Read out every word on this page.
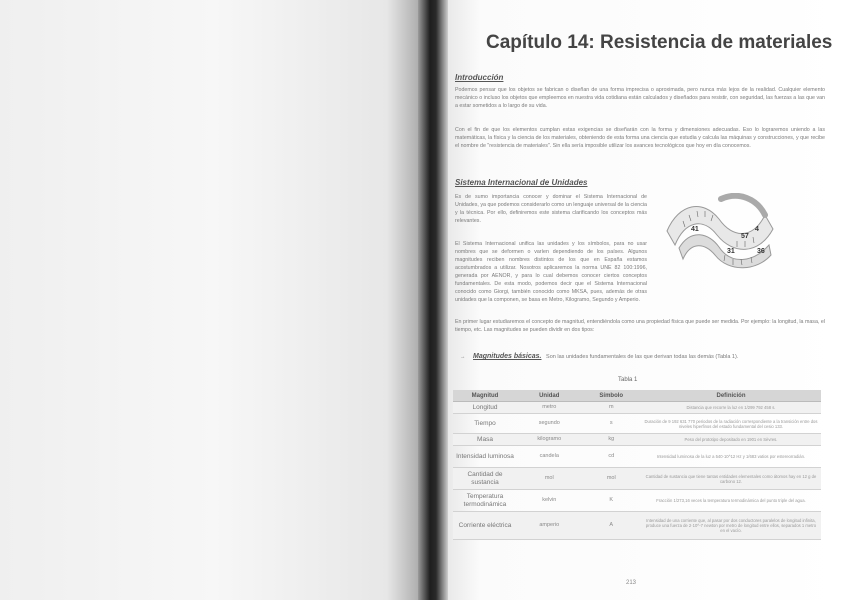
Capítulo 14: Resistencia de materiales
Introducción

Podemos pensar que los objetos se fabrican o diseñan de una forma imprecisa o aproximada, pero nunca más lejos de la realidad. Cualquier elemento mecánico o incluso los objetos que empleemos en nuestra vida cotidiana están calculados y diseñados para resistir, con seguridad, las fuerzas a las que van a estar sometidos a lo largo de su vida.

Con el fin de que los elementos cumplan estas exigencias se diseñarán con la forma y dimensiones adecuadas. Eso lo lograremos uniendo a las matemáticas, la física y la ciencia de los materiales, obteniendo de esta forma una ciencia que estudia y calcula las máquinas y construcciones, y que recibe el nombre de "resistencia de materiales". Sin ella sería imposible utilizar los avances tecnológicos que hoy en día conocemos.

Sistema Internacional de Unidades

Es de sumo importancia conocer y dominar el Sistema Internacional de Unidades, ya que podemos considerarlo como un lenguaje universal de la ciencia y la técnica. Por ello, definiremos este sistema clarificando los conceptos más relevantes.

El Sistema Internacional unifica las unidades y los símbolos, para no usar nombres que se deformen o varíen dependiendo de los países. Algunos magnitudes reciben nombres distintos de los que en España estamos acostumbrados a utilizar. Nosotros aplicaremos la norma UNE 82 100:1996, generada por AENOR, y para lo cual debemos conocer ciertos conceptos fundamentales. De esta modo, podemos decir que el Sistema Internacional conocido como Giorgi, también conocido como MKSA, pues, además de otras unidades que la componen, se basa en Metro, Kilogramo, Segundo y Amperio.

En primer lugar estudiaremos el concepto de magnitud, entendiéndola como una propiedad física que puede ser medida. Por ejemplo: la longitud, la masa, el tiempo, etc. Las magnitudes se pueden dividir en dos tipos:

41
57
31
4
36
→ Magnitudes básicas. Son las unidades fundamentales de las que derivan todas las demás (Tabla 1).
Tabla 1
Magnitud	Unidad	Símbolo	Definición
Longitud	metro	m	Distancia que recorre la luz en 1/299 792 458 s.
Tiempo	segundo	s	Duración de 9 192 631 770 periodos de la radiación correspondiente a la transición entre dos niveles hiperfinos del estado fundamental del cesio 133.
Masa	kilogramo	kg	Peso del prototipo depositado en 1901 en Sèvres.
Intensidad luminosa	candela	cd	Intensidad luminosa de la luz a 540·10^12 Hz y 1/683 vatios por estereorradián.
Cantidad de sustancia	mol	mol	Cantidad de sustancia que tiene tantas entidades elementales como átomos hay en 12 g de carbono 12.
Temperatura termodinámica	kelvin	K	Fracción 1/273,16 veces la temperatura termodinámica del punto triple del agua.
Corriente eléctrica	amperio	A	Intensidad de una corriente que, al pasar por dos conductores paralelos de longitud infinita, produce una fuerza de 2·10^-7 newton por metro de longitud entre ellos, separados 1 metro en el vacío.
213
